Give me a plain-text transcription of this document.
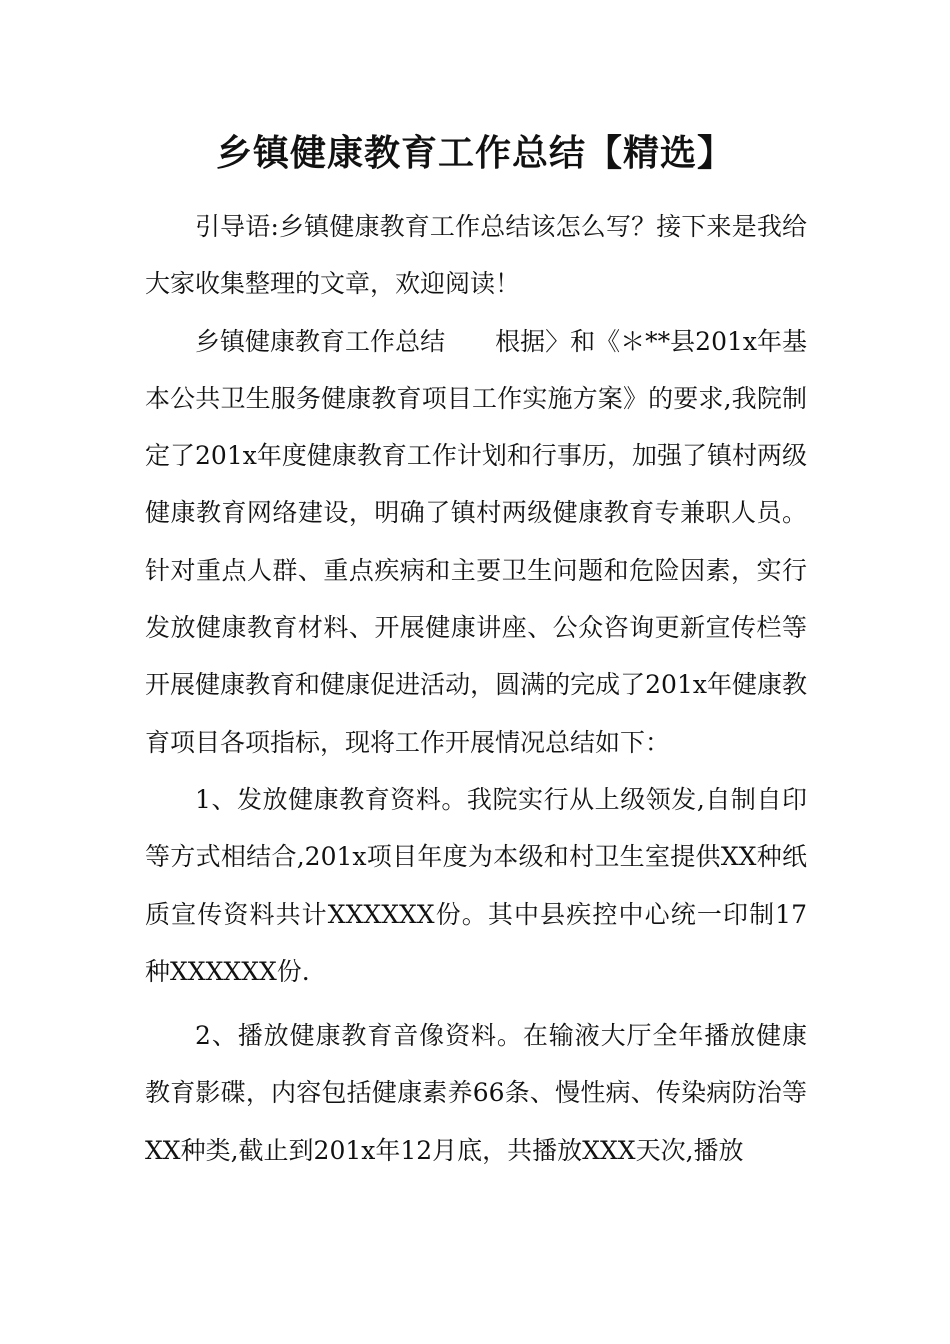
乡镇健康教育工作总结【精选】

引导语:乡镇健康教育工作总结该怎么写？接下来是我给大家收集整理的文章，欢迎阅读！

乡镇健康教育工作总结　　根据〉和《＊**县201x年基本公共卫生服务健康教育项目工作实施方案》的要求,我院制定了201x年度健康教育工作计划和行事历，加强了镇村两级健康教育网络建设，明确了镇村两级健康教育专兼职人员。针对重点人群、重点疾病和主要卫生问题和危险因素，实行发放健康教育材料、开展健康讲座、公众咨询更新宣传栏等开展健康教育和健康促进活动，圆满的完成了201x年健康教育项目各项指标，现将工作开展情况总结如下：

1、发放健康教育资料。我院实行从上级领发,自制自印等方式相结合,201x项目年度为本级和村卫生室提供XX种纸质宣传资料共计XXXXXX份。其中县疾控中心统一印制17种XXXXXX份.

2、播放健康教育音像资料。在输液大厅全年播放健康教育影碟，内容包括健康素养66条、慢性病、传染病防治等XX种类,截止到201x年12月底，共播放XXX天次,播放
